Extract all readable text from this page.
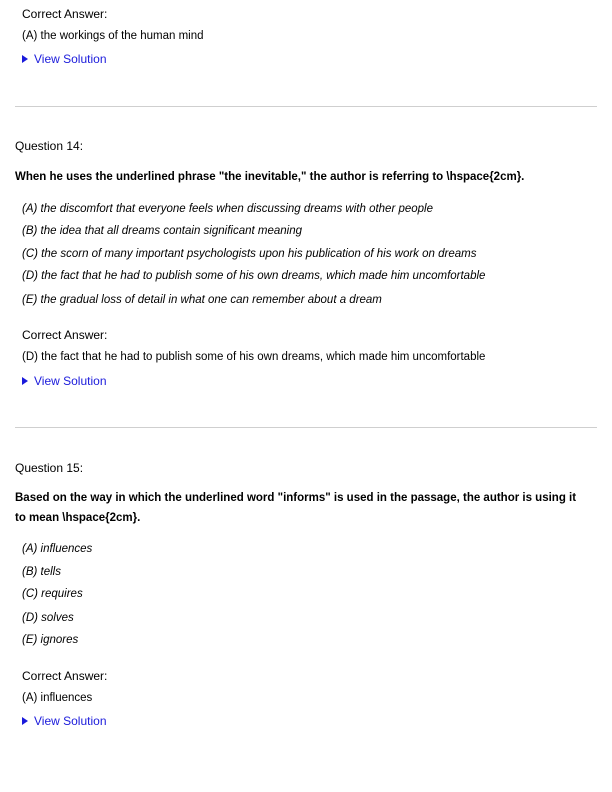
Correct Answer:
(A) the workings of the human mind
View Solution
Question 14:
When he uses the underlined phrase "the inevitable," the author is referring to \hspace{2cm}.
(A) the discomfort that everyone feels when discussing dreams with other people
(B) the idea that all dreams contain significant meaning
(C) the scorn of many important psychologists upon his publication of his work on dreams
(D) the fact that he had to publish some of his own dreams, which made him uncomfortable
(E) the gradual loss of detail in what one can remember about a dream
Correct Answer:
(D) the fact that he had to publish some of his own dreams, which made him uncomfortable
View Solution
Question 15:
Based on the way in which the underlined word "informs" is used in the passage, the author is using it to mean \hspace{2cm}.
(A) influences
(B) tells
(C) requires
(D) solves
(E) ignores
Correct Answer:
(A) influences
View Solution
